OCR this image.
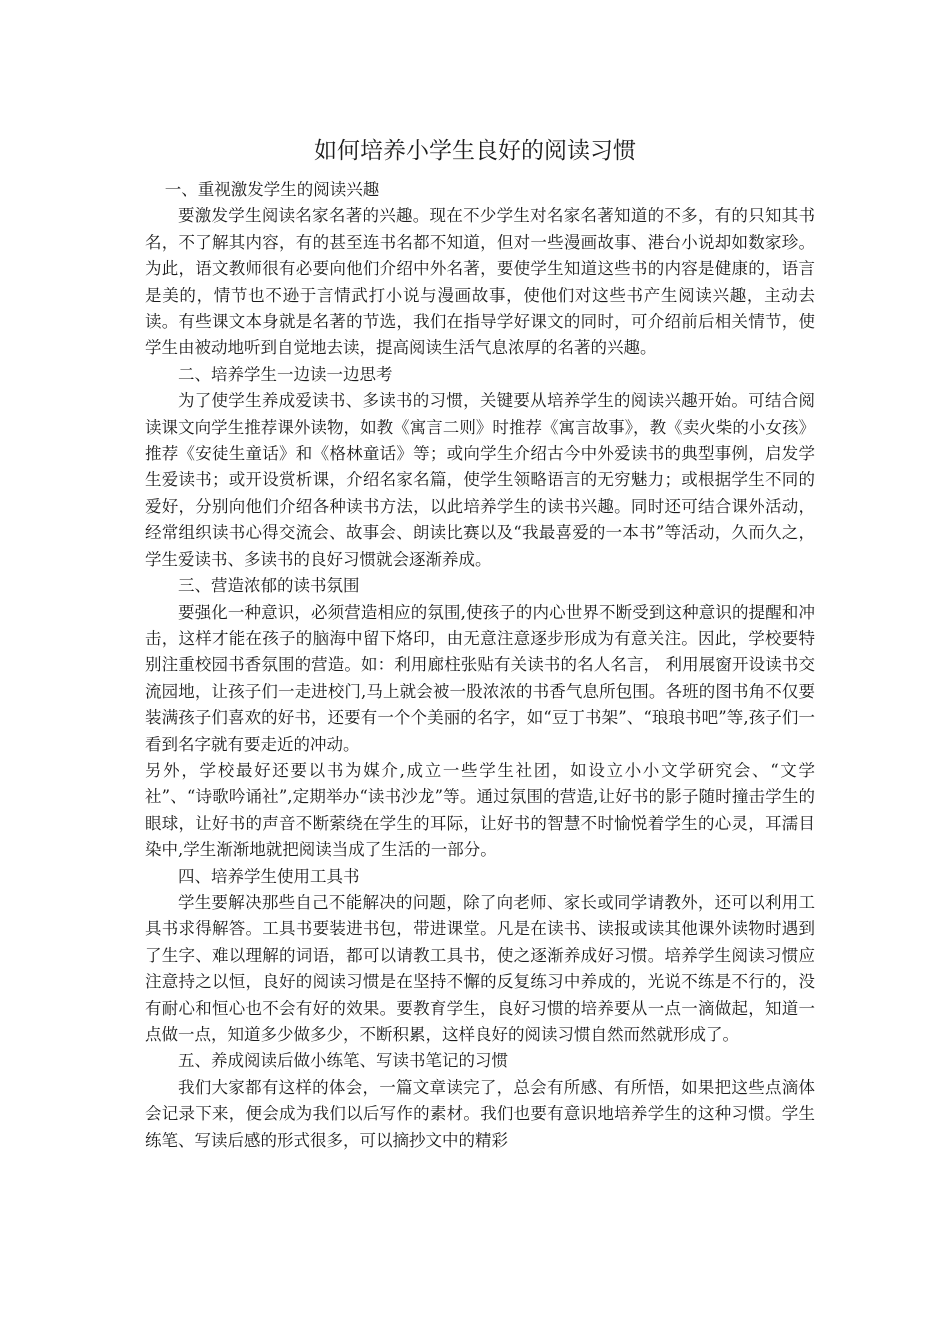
如何培养小学生良好的阅读习惯

一、重视激发学生的阅读兴趣

要激发学生阅读名家名著的兴趣。现在不少学生对名家名著知道的不多，有的只知其书名，不了解其内容，有的甚至连书名都不知道，但对一些漫画故事、港台小说却如数家珍。为此，语文教师很有必要向他们介绍中外名著，要使学生知道这些书的内容是健康的，语言是美的，情节也不逊于言情武打小说与漫画故事，使他们对这些书产生阅读兴趣，主动去读。有些课文本身就是名著的节选，我们在指导学好课文的同时，可介绍前后相关情节，使学生由被动地听到自觉地去读，提高阅读生活气息浓厚的名著的兴趣。

二、培养学生一边读一边思考

为了使学生养成爱读书、多读书的习惯，关键要从培养学生的阅读兴趣开始。可结合阅读课文向学生推荐课外读物，如教《寓言二则》时推荐《寓言故事》，教《卖火柴的小女孩》推荐《安徒生童话》和《格林童话》等；或向学生介绍古今中外爱读书的典型事例，启发学生爱读书；或开设赏析课，介绍名家名篇，使学生领略语言的无穷魅力；或根据学生不同的爱好，分别向他们介绍各种读书方法，以此培养学生的读书兴趣。同时还可结合课外活动，经常组织读书心得交流会、故事会、朗读比赛以及“我最喜爱的一本书”等活动，久而久之，学生爱读书、多读书的良好习惯就会逐渐养成。

三、营造浓郁的读书氛围

要强化一种意识，必须营造相应的氛围,使孩子的内心世界不断受到这种意识的提醒和冲击，这样才能在孩子的脑海中留下烙印，由无意注意逐步形成为有意关注。因此，学校要特别注重校园书香氛围的营造。如：利用廊柱张贴有关读书的名人名言， 利用展窗开设读书交流园地，让孩子们一走进校门,马上就会被一股浓浓的书香气息所包围。各班的图书角不仅要装满孩子们喜欢的好书，还要有一个个美丽的名字，如“豆丁书架”、“琅琅书吧”等,孩子们一看到名字就有要走近的冲动。

另外，学校最好还要以书为媒介,成立一些学生社团，如设立小小文学研究会、“文学社”、“诗歌吟诵社”,定期举办“读书沙龙”等。通过氛围的营造,让好书的影子随时撞击学生的眼球，让好书的声音不断萦绕在学生的耳际，让好书的智慧不时愉悦着学生的心灵，耳濡目染中,学生渐渐地就把阅读当成了生活的一部分。

四、培养学生使用工具书

学生要解决那些自己不能解决的问题，除了向老师、家长或同学请教外，还可以利用工具书求得解答。工具书要装进书包，带进课堂。凡是在读书、读报或读其他课外读物时遇到了生字、难以理解的词语，都可以请教工具书，使之逐渐养成好习惯。培养学生阅读习惯应注意持之以恒，良好的阅读习惯是在坚持不懈的反复练习中养成的，光说不练是不行的，没有耐心和恒心也不会有好的效果。要教育学生，良好习惯的培养要从一点一滴做起，知道一点做一点，知道多少做多少，不断积累，这样良好的阅读习惯自然而然就形成了。

五、养成阅读后做小练笔、写读书笔记的习惯

我们大家都有这样的体会，一篇文章读完了，总会有所感、有所悟，如果把这些点滴体会记录下来，便会成为我们以后写作的素材。我们也要有意识地培养学生的这种习惯。学生练笔、写读后感的形式很多，可以摘抄文中的精彩
